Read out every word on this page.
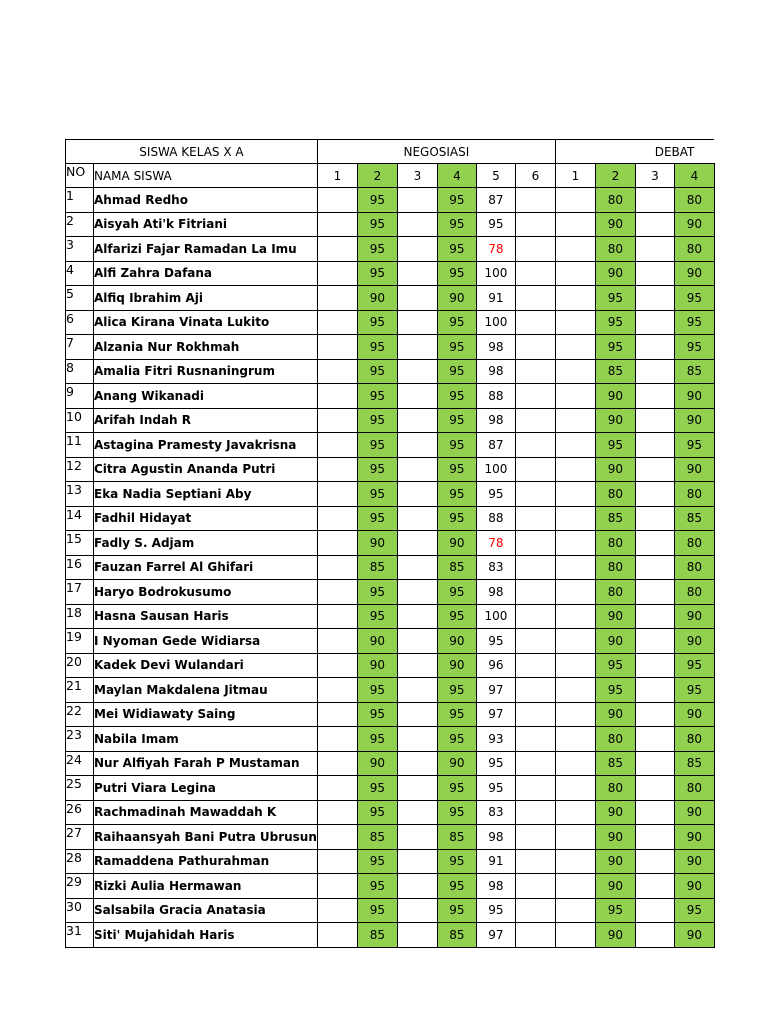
SISWA KELAS X A		NEGOSIASI						DEBAT			
NO	NAMA SISWA	1	2	3	4	5	6	1	2	3	4
1	Ahmad Redho		95		95	87			80		80
2	Aisyah Ati'k Fitriani		95		95	95			90		90
3	Alfarizi Fajar Ramadan La Imu		95		95	78			80		80
4	Alfi Zahra Dafana		95		95	100			90		90
5	Alfiq Ibrahim Aji		90		90	91			95		95
6	Alica Kirana Vinata Lukito		95		95	100			95		95
7	Alzania Nur Rokhmah		95		95	98			95		95
8	Amalia Fitri Rusnaningrum		95		95	98			85		85
9	Anang Wikanadi		95		95	88			90		90
10	Arifah Indah R		95		95	98			90		90
11	Astagina Pramesty Javakrisna		95		95	87			95		95
12	Citra Agustin Ananda Putri		95		95	100			90		90
13	Eka Nadia Septiani Aby		95		95	95			80		80
14	Fadhil Hidayat		95		95	88			85		85
15	Fadly S. Adjam		90		90	78			80		80
16	Fauzan Farrel Al Ghifari		85		85	83			80		80
17	Haryo Bodrokusumo		95		95	98			80		80
18	Hasna Sausan Haris		95		95	100			90		90
19	I Nyoman Gede Widiarsa		90		90	95			90		90
20	Kadek Devi Wulandari		90		90	96			95		95
21	Maylan Makdalena Jitmau		95		95	97			95		95
22	Mei Widiawaty Saing		95		95	97			90		90
23	Nabila Imam		95		95	93			80		80
24	Nur Alfiyah Farah P Mustaman		90		90	95			85		85
25	Putri Viara Legina		95		95	95			80		80
26	Rachmadinah Mawaddah K		95		95	83			90		90
27	Raihaansyah Bani Putra Ubrusun		85		85	98			90		90
28	Ramaddena Pathurahman		95		95	91			90		90
29	Rizki Aulia Hermawan		95		95	98			90		90
30	Salsabila Gracia Anatasia		95		95	95			95		95
31	Siti' Mujahidah Haris		85		85	97			90		90
